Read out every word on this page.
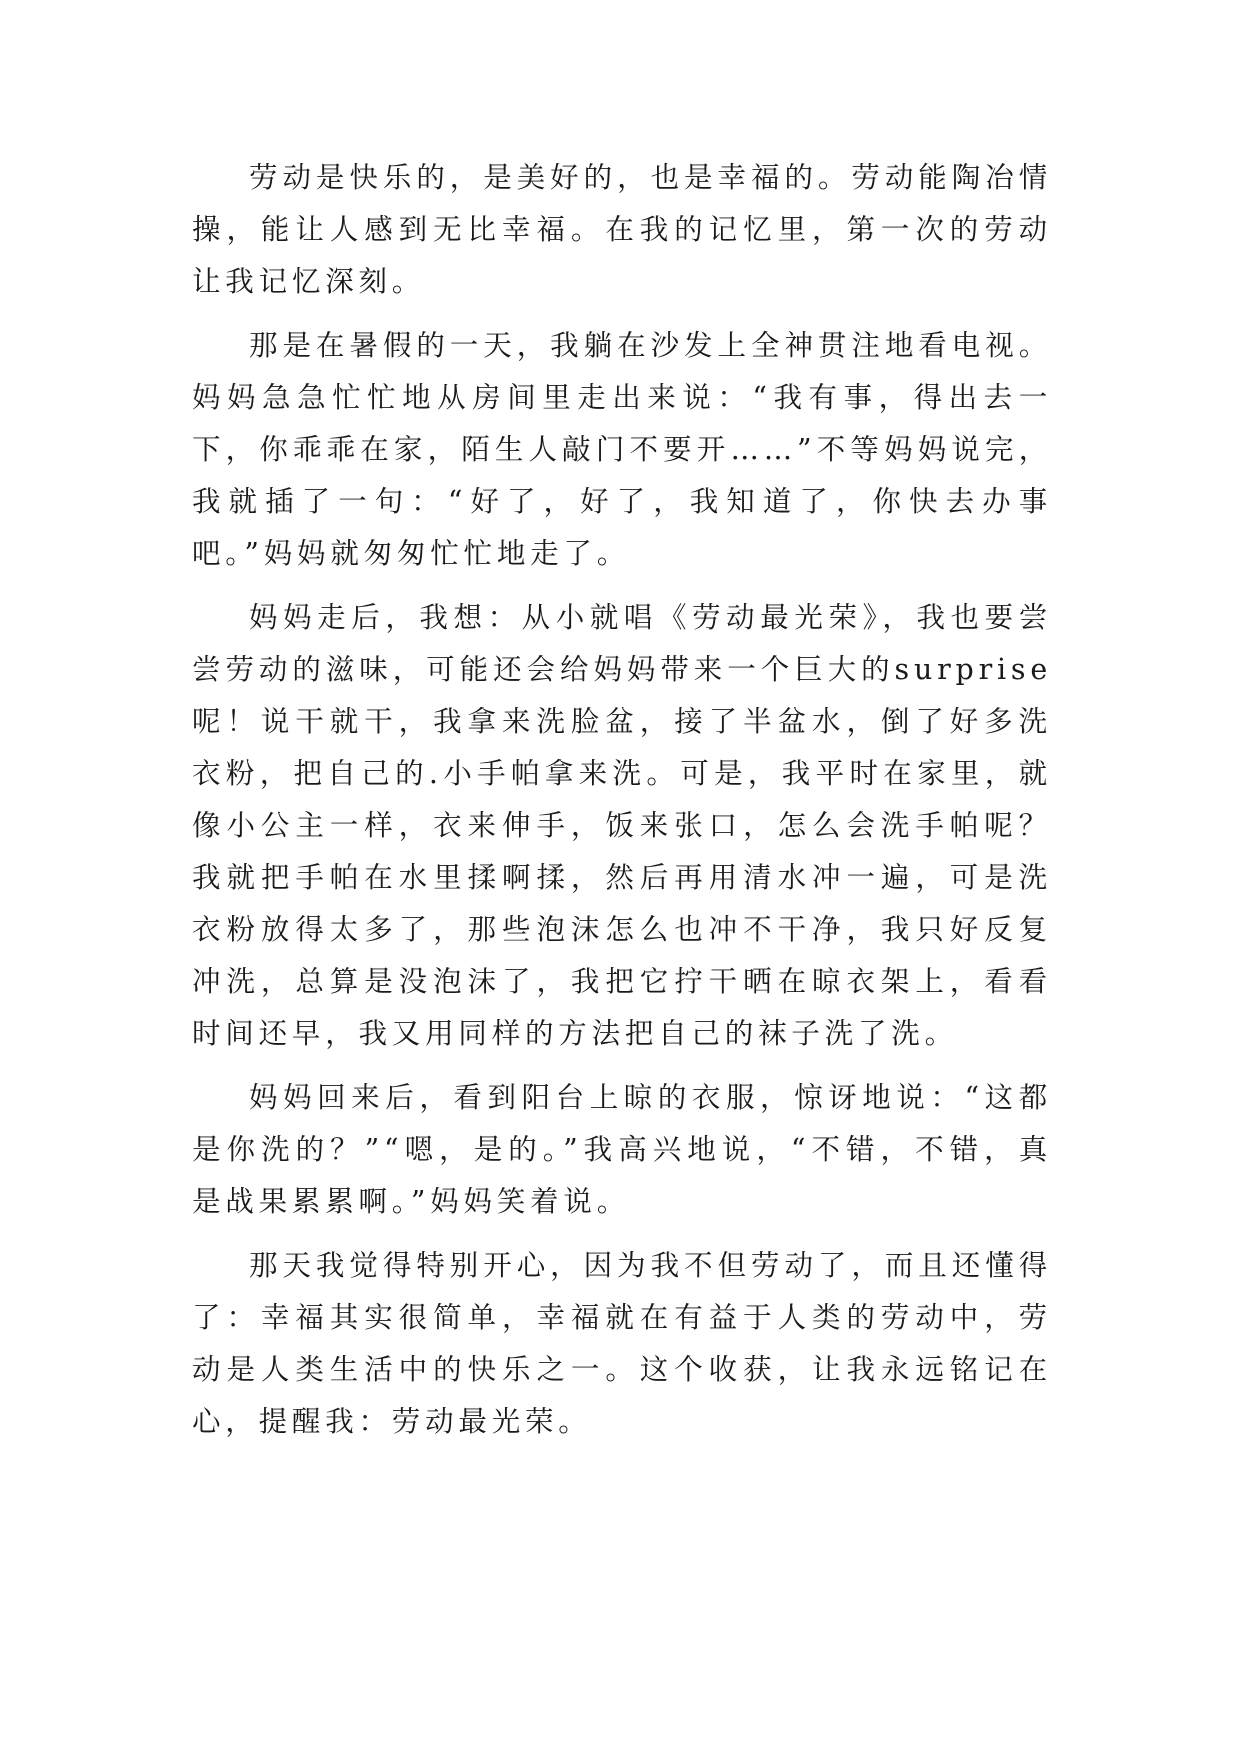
劳动是快乐的，是美好的，也是幸福的。劳动能陶冶情操，能让人感到无比幸福。在我的记忆里，第一次的劳动让我记忆深刻。

那是在暑假的一天，我躺在沙发上全神贯注地看电视。妈妈急急忙忙地从房间里走出来说：“我有事，得出去一下，你乖乖在家，陌生人敲门不要开……”不等妈妈说完，我就插了一句：“好了，好了，我知道了，你快去办事吧。”妈妈就匆匆忙忙地走了。

妈妈走后，我想：从小就唱《劳动最光荣》，我也要尝尝劳动的滋味，可能还会给妈妈带来一个巨大的surprise呢！说干就干，我拿来洗脸盆，接了半盆水，倒了好多洗衣粉，把自己的.小手帕拿来洗。可是，我平时在家里，就像小公主一样，衣来伸手，饭来张口，怎么会洗手帕呢？我就把手帕在水里揉啊揉，然后再用清水冲一遍，可是洗衣粉放得太多了，那些泡沫怎么也冲不干净，我只好反复冲洗，总算是没泡沫了，我把它拧干晒在晾衣架上，看看时间还早，我又用同样的方法把自己的袜子洗了洗。

妈妈回来后，看到阳台上晾的衣服，惊讶地说：“这都是你洗的？”“嗯，是的。”我高兴地说，“不错，不错，真是战果累累啊。”妈妈笑着说。

那天我觉得特别开心，因为我不但劳动了，而且还懂得了：幸福其实很简单，幸福就在有益于人类的劳动中，劳动是人类生活中的快乐之一。这个收获，让我永远铭记在心，提醒我：劳动最光荣。
